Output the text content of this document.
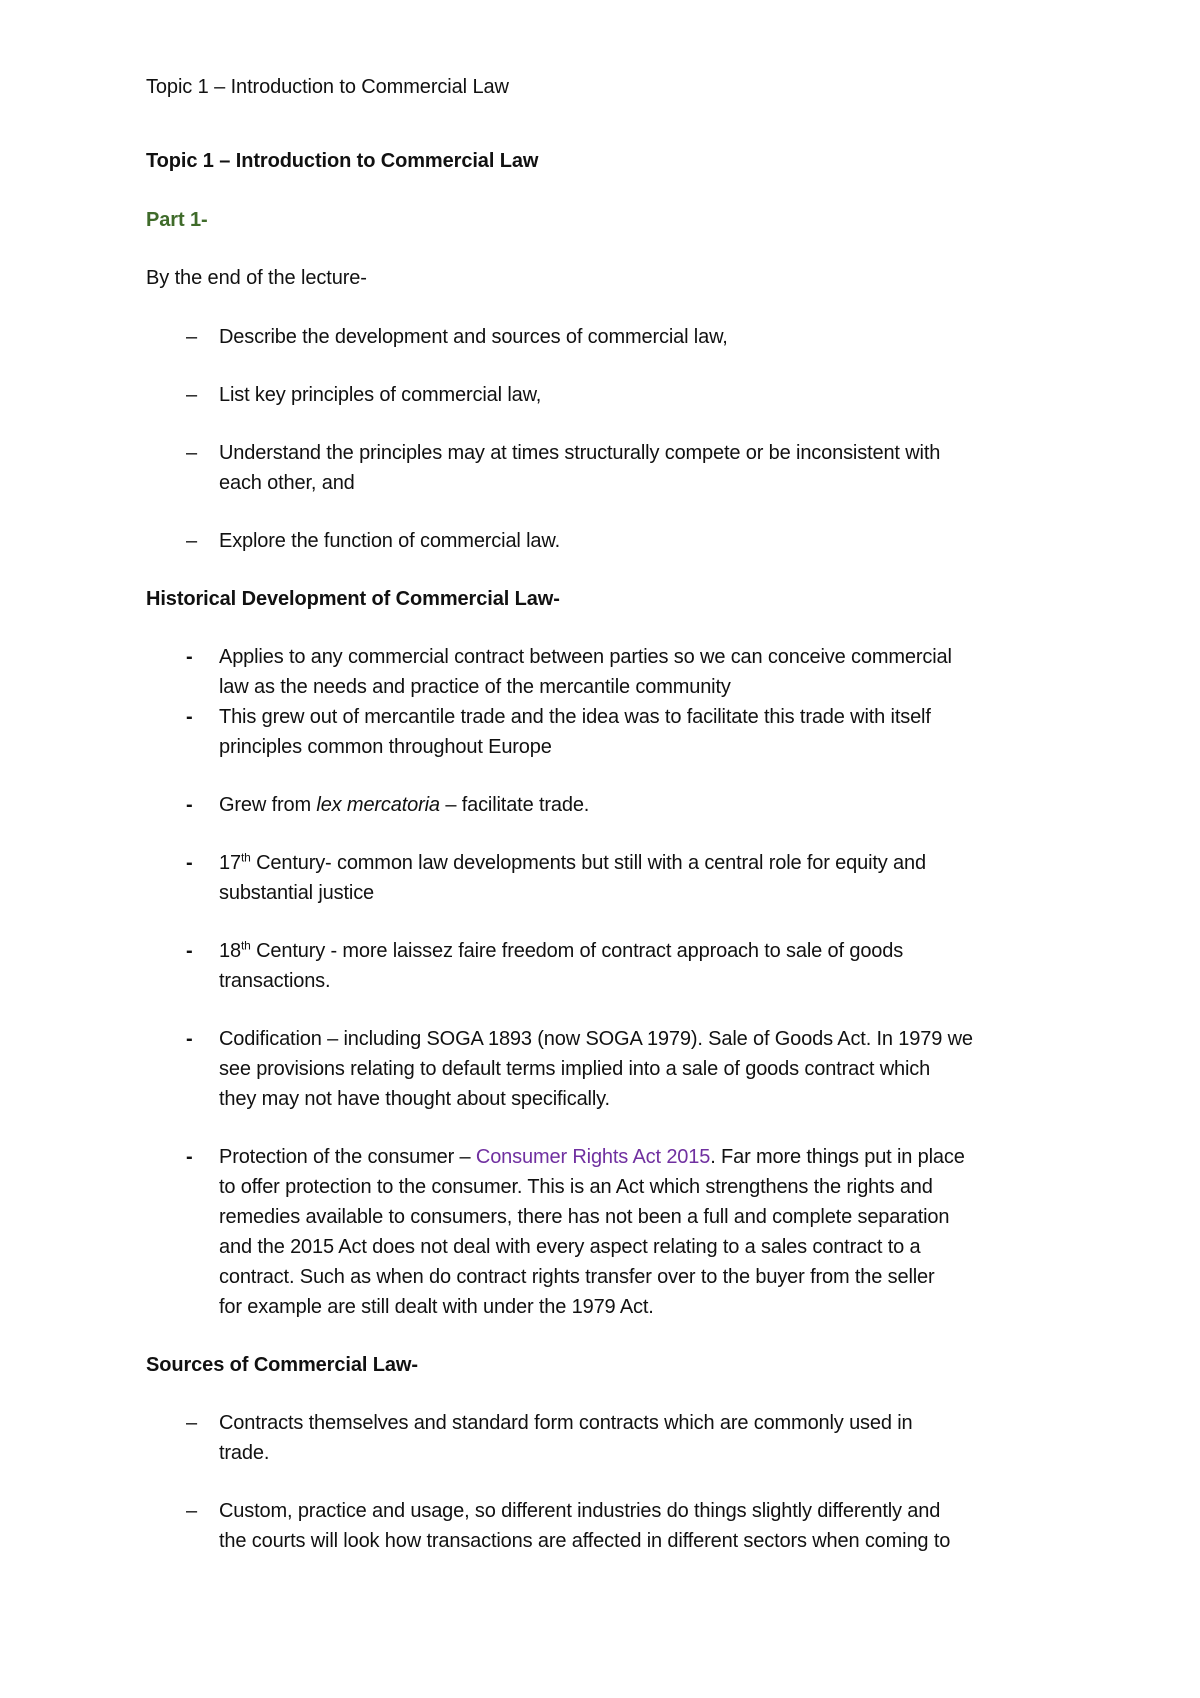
Topic 1 – Introduction to Commercial Law
Topic 1 – Introduction to Commercial Law
Part 1-
By the end of the lecture-
– Describe the development and sources of commercial law,
– List key principles of commercial law,
– Understand the principles may at times structurally compete or be inconsistent with
each other, and
– Explore the function of commercial law.
Historical Development of Commercial Law-
- Applies to any commercial contract between parties so we can conceive commercial
law as the needs and practice of the mercantile community
- This grew out of mercantile trade and the idea was to facilitate this trade with itself
principles common throughout Europe
- Grew from lex mercatoria – facilitate trade.
- 17th Century- common law developments but still with a central role for equity and
substantial justice
- 18th Century - more laissez faire freedom of contract approach to sale of goods
transactions.
- Codification – including SOGA 1893 (now SOGA 1979). Sale of Goods Act. In 1979 we
see provisions relating to default terms implied into a sale of goods contract which
they may not have thought about specifically.
- Protection of the consumer – Consumer Rights Act 2015. Far more things put in place
to offer protection to the consumer. This is an Act which strengthens the rights and
remedies available to consumers, there has not been a full and complete separation
and the 2015 Act does not deal with every aspect relating to a sales contract to a
contract. Such as when do contract rights transfer over to the buyer from the seller
for example are still dealt with under the 1979 Act.
Sources of Commercial Law-
– Contracts themselves and standard form contracts which are commonly used in
trade.
– Custom, practice and usage, so different industries do things slightly differently and
the courts will look how transactions are affected in different sectors when coming to
